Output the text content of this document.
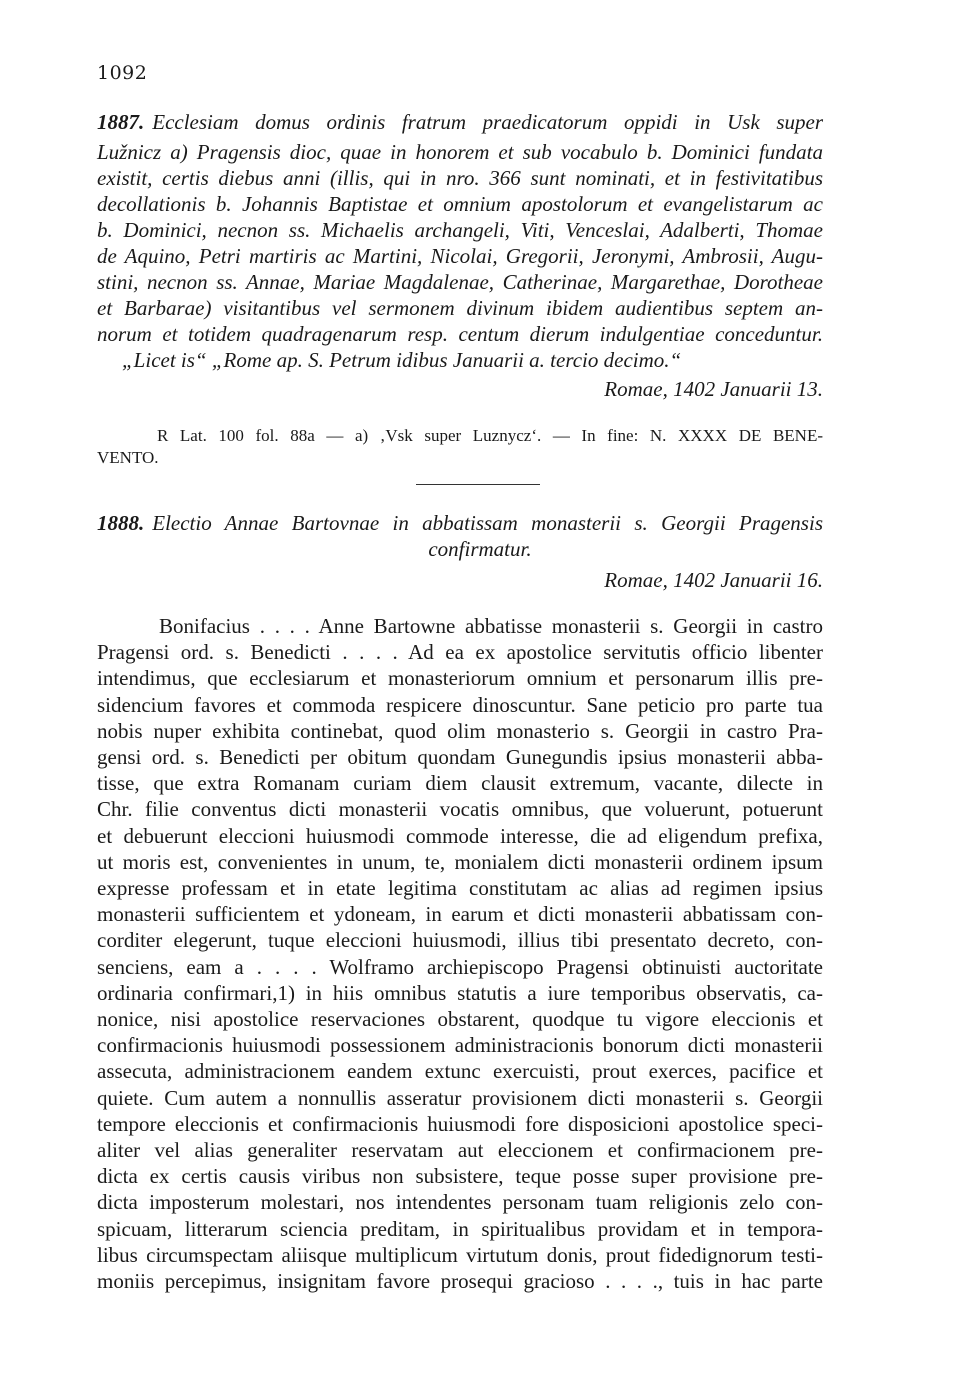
1092
1887. Ecclesiam domus ordinis fratrum praedicatorum oppidi in Usk super
Lužnicz a) Pragensis dioc, quae in honorem et sub vocabulo b. Dominici fundata
existit, certis diebus anni (illis, qui in nro. 366 sunt nominati, et in festivitatibus
decollationis b. Johannis Baptistae et omnium apostolorum et evangelistarum ac
b. Dominici, necnon ss. Michaelis archangeli, Viti, Venceslai, Adalberti, Thomae
de Aquino, Petri martiris ac Martini, Nicolai, Gregorii, Jeronymi, Ambrosii, Augu-
stini, necnon ss. Annae, Mariae Magdalenae, Catherinae, Margarethae, Dorotheae
et Barbarae) visitantibus vel sermonem divinum ibidem audientibus septem an-
norum et totidem quadragenarum resp. centum dierum indulgentiae conceduntur.
„Licet is“ „Rome ap. S. Petrum idibus Januarii a. tercio decimo.“
Romae, 1402 Januarii 13.
R Lat. 100 fol. 88a — a) ‚Vsk super Luznycz‘. — In fine: N. XXXX DE BENE-
VENTO.
1888. Electio Annae Bartovnae in abbatissam monasterii s. Georgii Pragensis
confirmatur.
Romae, 1402 Januarii 16.
Bonifacius . . . . Anne Bartowne abbatisse monasterii s. Georgii in castro
Pragensi ord. s. Benedicti . . . . Ad ea ex apostolice servitutis officio libenter
intendimus, que ecclesiarum et monasteriorum omnium et personarum illis pre-
sidencium favores et commoda respicere dinoscuntur. Sane peticio pro parte tua
nobis nuper exhibita continebat, quod olim monasterio s. Georgii in castro Pra-
gensi ord. s. Benedicti per obitum quondam Gunegundis ipsius monasterii abba-
tisse, que extra Romanam curiam diem clausit extremum, vacante, dilecte in
Chr. filie conventus dicti monasterii vocatis omnibus, que voluerunt, potuerunt
et debuerunt eleccioni huiusmodi commode interesse, die ad eligendum prefixa,
ut moris est, convenientes in unum, te, monialem dicti monasterii ordinem ipsum
expresse professam et in etate legitima constitutam ac alias ad regimen ipsius
monasterii sufficientem et ydoneam, in earum et dicti monasterii abbatissam con-
corditer elegerunt, tuque eleccioni huiusmodi, illius tibi presentato decreto, con-
senciens, eam a . . . . Wolframo archiepiscopo Pragensi obtinuisti auctoritate
ordinaria confirmari,1) in hiis omnibus statutis a iure temporibus observatis, ca-
nonice, nisi apostolice reservaciones obstarent, quodque tu vigore eleccionis et
confirmacionis huiusmodi possessionem administracionis bonorum dicti monasterii
assecuta, administracionem eandem extunc exercuisti, prout exerces, pacifice et
quiete. Cum autem a nonnullis asseratur provisionem dicti monasterii s. Georgii
tempore eleccionis et confirmacionis huiusmodi fore disposicioni apostolice speci-
aliter vel alias generaliter reservatam aut eleccionem et confirmacionem pre-
dicta ex certis causis viribus non subsistere, teque posse super provisione pre-
dicta imposterum molestari, nos intendentes personam tuam religionis zelo con-
spicuam, litterarum sciencia preditam, in spiritualibus providam et in tempora-
libus circumspectam aliisque multiplicum virtutum donis, prout fidedignorum testi-
moniis percepimus, insignitam favore prosequi gracioso . . . ., tuis in hac parte
